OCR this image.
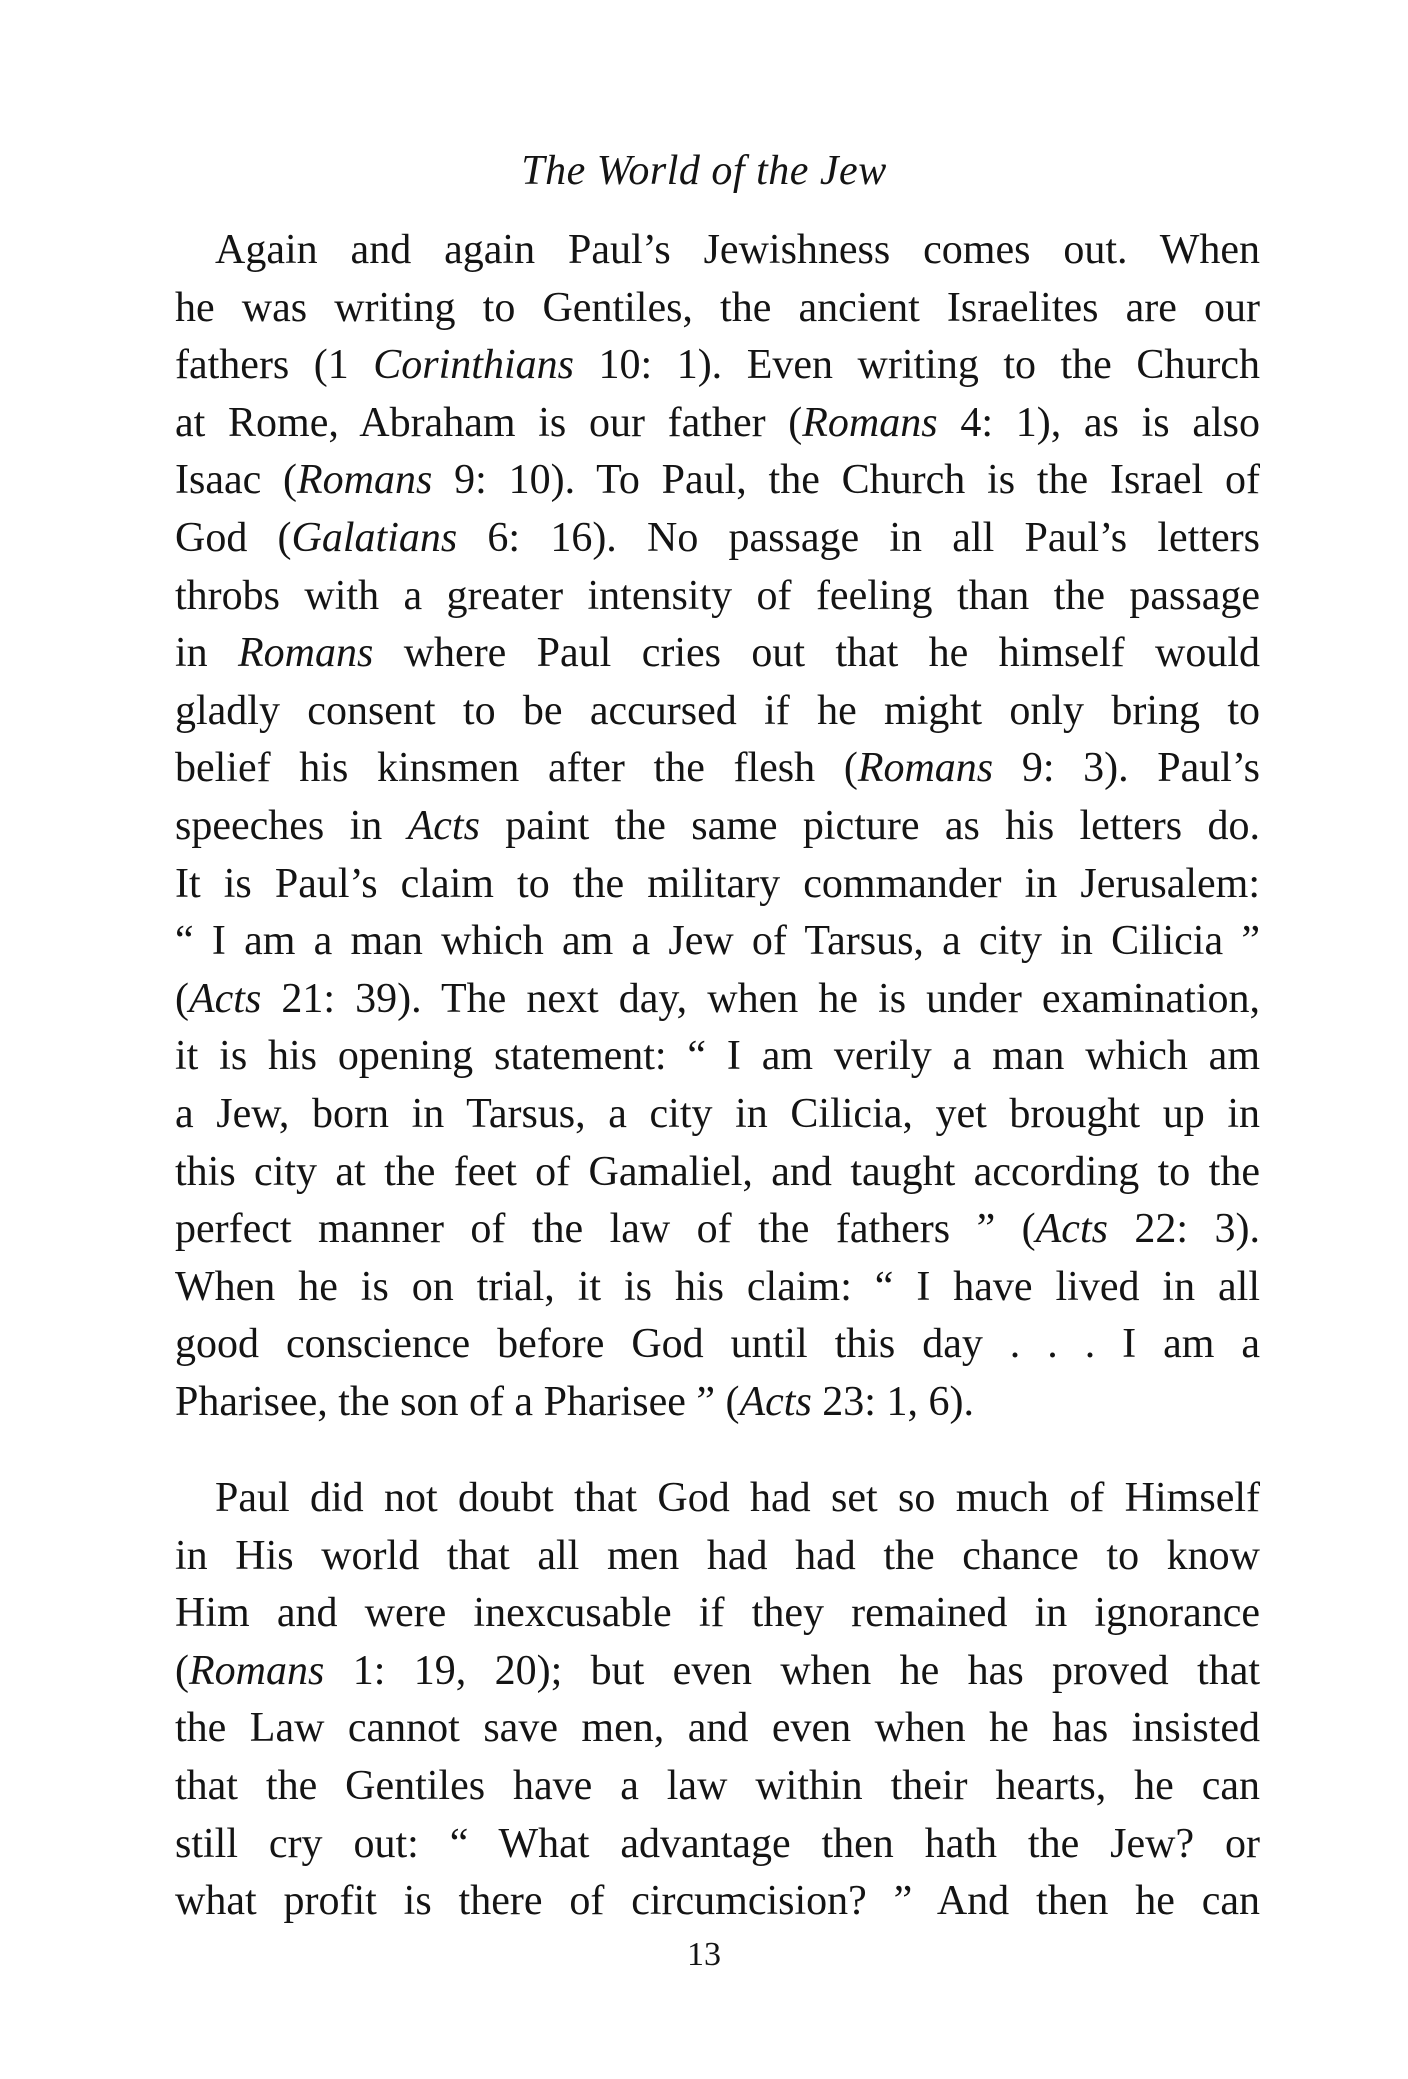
The World of the Jew
Again and again Paul’s Jewishness comes out. When
he was writing to Gentiles, the ancient Israelites are our
fathers (1 Corinthians 10: 1). Even writing to the Church
at Rome, Abraham is our father (Romans 4: 1), as is also
Isaac (Romans 9: 10). To Paul, the Church is the Israel of
God (Galatians 6: 16). No passage in all Paul’s letters
throbs with a greater intensity of feeling than the passage
in Romans where Paul cries out that he himself would
gladly consent to be accursed if he might only bring to
belief his kinsmen after the flesh (Romans 9: 3). Paul’s
speeches in Acts paint the same picture as his letters do.
It is Paul’s claim to the military commander in Jerusalem:
“ I am a man which am a Jew of Tarsus, a city in Cilicia ”
(Acts 21: 39). The next day, when he is under examination,
it is his opening statement: “ I am verily a man which am
a Jew, born in Tarsus, a city in Cilicia, yet brought up in
this city at the feet of Gamaliel, and taught according to the
perfect manner of the law of the fathers ” (Acts 22: 3).
When he is on trial, it is his claim: “ I have lived in all
good conscience before God until this day . . . I am a
Pharisee, the son of a Pharisee ” (Acts 23: 1, 6).
Paul did not doubt that God had set so much of Himself
in His world that all men had had the chance to know
Him and were inexcusable if they remained in ignorance
(Romans 1: 19, 20); but even when he has proved that
the Law cannot save men, and even when he has insisted
that the Gentiles have a law within their hearts, he can
still cry out: “ What advantage then hath the Jew? or
what profit is there of circumcision? ” And then he can
13
